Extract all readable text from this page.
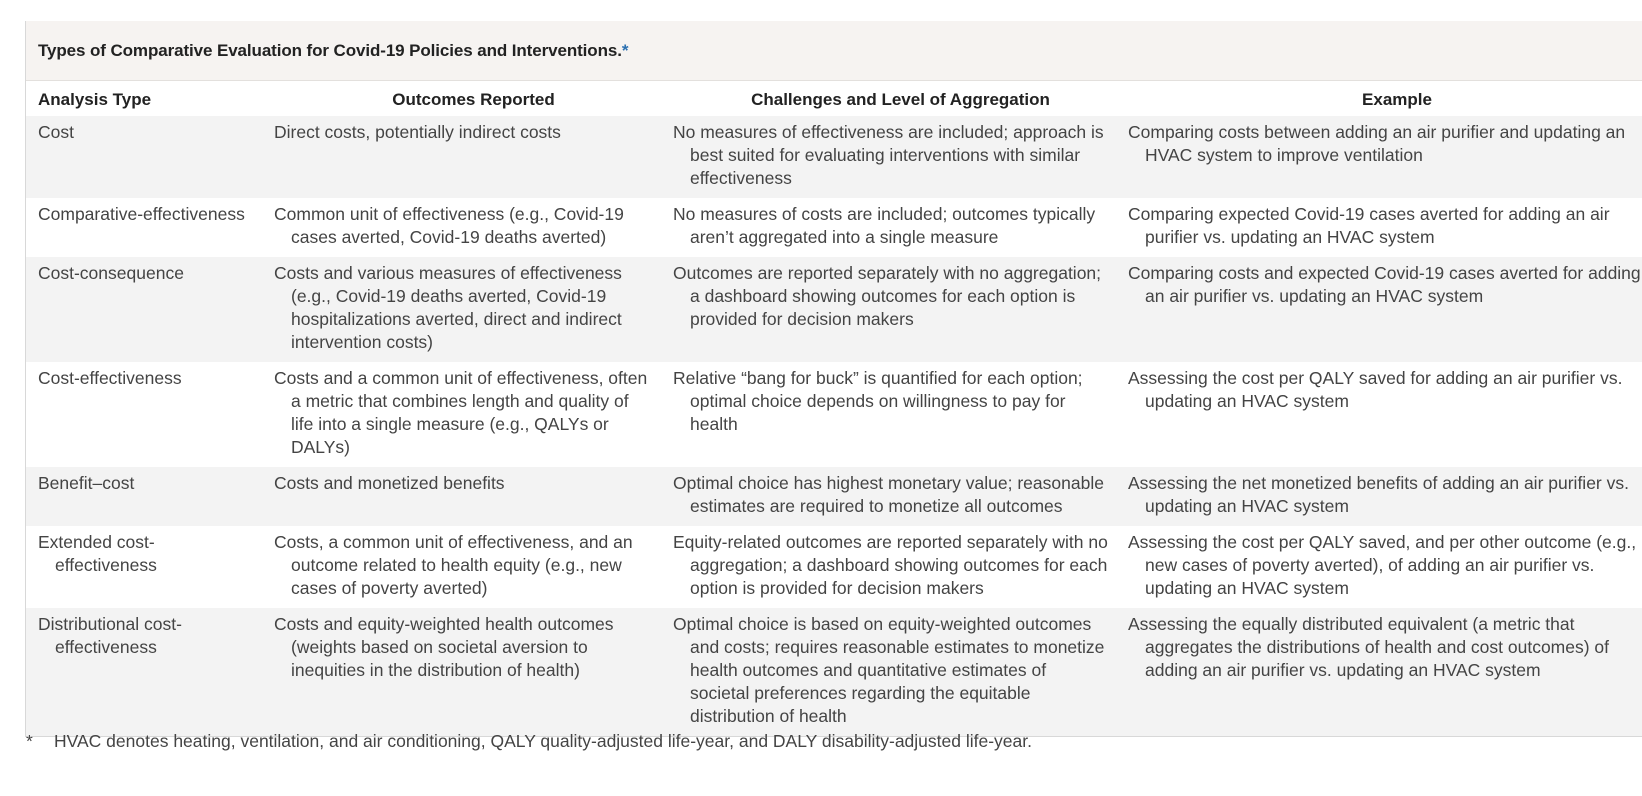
Types of Comparative Evaluation for Covid-19 Policies and Interventions. *
Analysis Type	Outcomes Reported	Challenges and Level of Aggregation	Example

Cost	Direct costs, potentially indirect costs	No measures of effectiveness are included; approach is best suited for evaluating interventions with similar effectiveness	Comparing costs between adding an air purifier and updating an HVAC system to improve ventilation

Comparative-effectiveness	Common unit of effectiveness (e.g., Covid-19 cases averted, Covid-19 deaths averted)	No measures of costs are included; outcomes typically aren’t aggregated into a single measure	Comparing expected Covid-19 cases averted for adding an air purifier vs. updating an HVAC system

Cost-consequence	Costs and various measures of effectiveness (e.g., Covid-19 deaths averted, Covid-19 hospitalizations averted, direct and indirect intervention costs)	Outcomes are reported separately with no aggregation; a dashboard showing outcomes for each option is provided for decision makers	Comparing costs and expected Covid-19 cases averted for adding an air purifier vs. updating an HVAC system

Cost-effectiveness	Costs and a common unit of effectiveness, often a metric that combines length and quality of life into a single measure (e.g., QALYs or DALYs)	Relative “bang for buck” is quantified for each option; optimal choice depends on willingness to pay for health	Assessing the cost per QALY saved for adding an air purifier vs. updating an HVAC system

Benefit–cost	Costs and monetized benefits	Optimal choice has highest monetary value; reasonable estimates are required to monetize all outcomes	Assessing the net monetized benefits of adding an air purifier vs. updating an HVAC system

Extended cost- effectiveness	Costs, a common unit of effectiveness, and an outcome related to health equity (e.g., new cases of poverty averted)	Equity-related outcomes are reported separately with no aggregation; a dashboard showing outcomes for each option is provided for decision makers	Assessing the cost per QALY saved, and per other outcome (e.g., new cases of poverty averted), of adding an air purifier vs. updating an HVAC system

Distributional cost-effectiveness	Costs and equity-weighted health outcomes (weights based on societal aversion to inequities in the distribution of health)	Optimal choice is based on equity-weighted outcomes and costs; requires reasonable estimates to monetize health outcomes and quantitative estimates of societal preferences regarding the equitable distribution of health	Assessing the equally distributed equivalent (a metric that aggregates the distributions of health and cost outcomes) of adding an air purifier vs. updating an HVAC system
*	HVAC denotes heating, ventilation, and air conditioning, QALY quality-adjusted life-year, and DALY disability-adjusted life-year.
